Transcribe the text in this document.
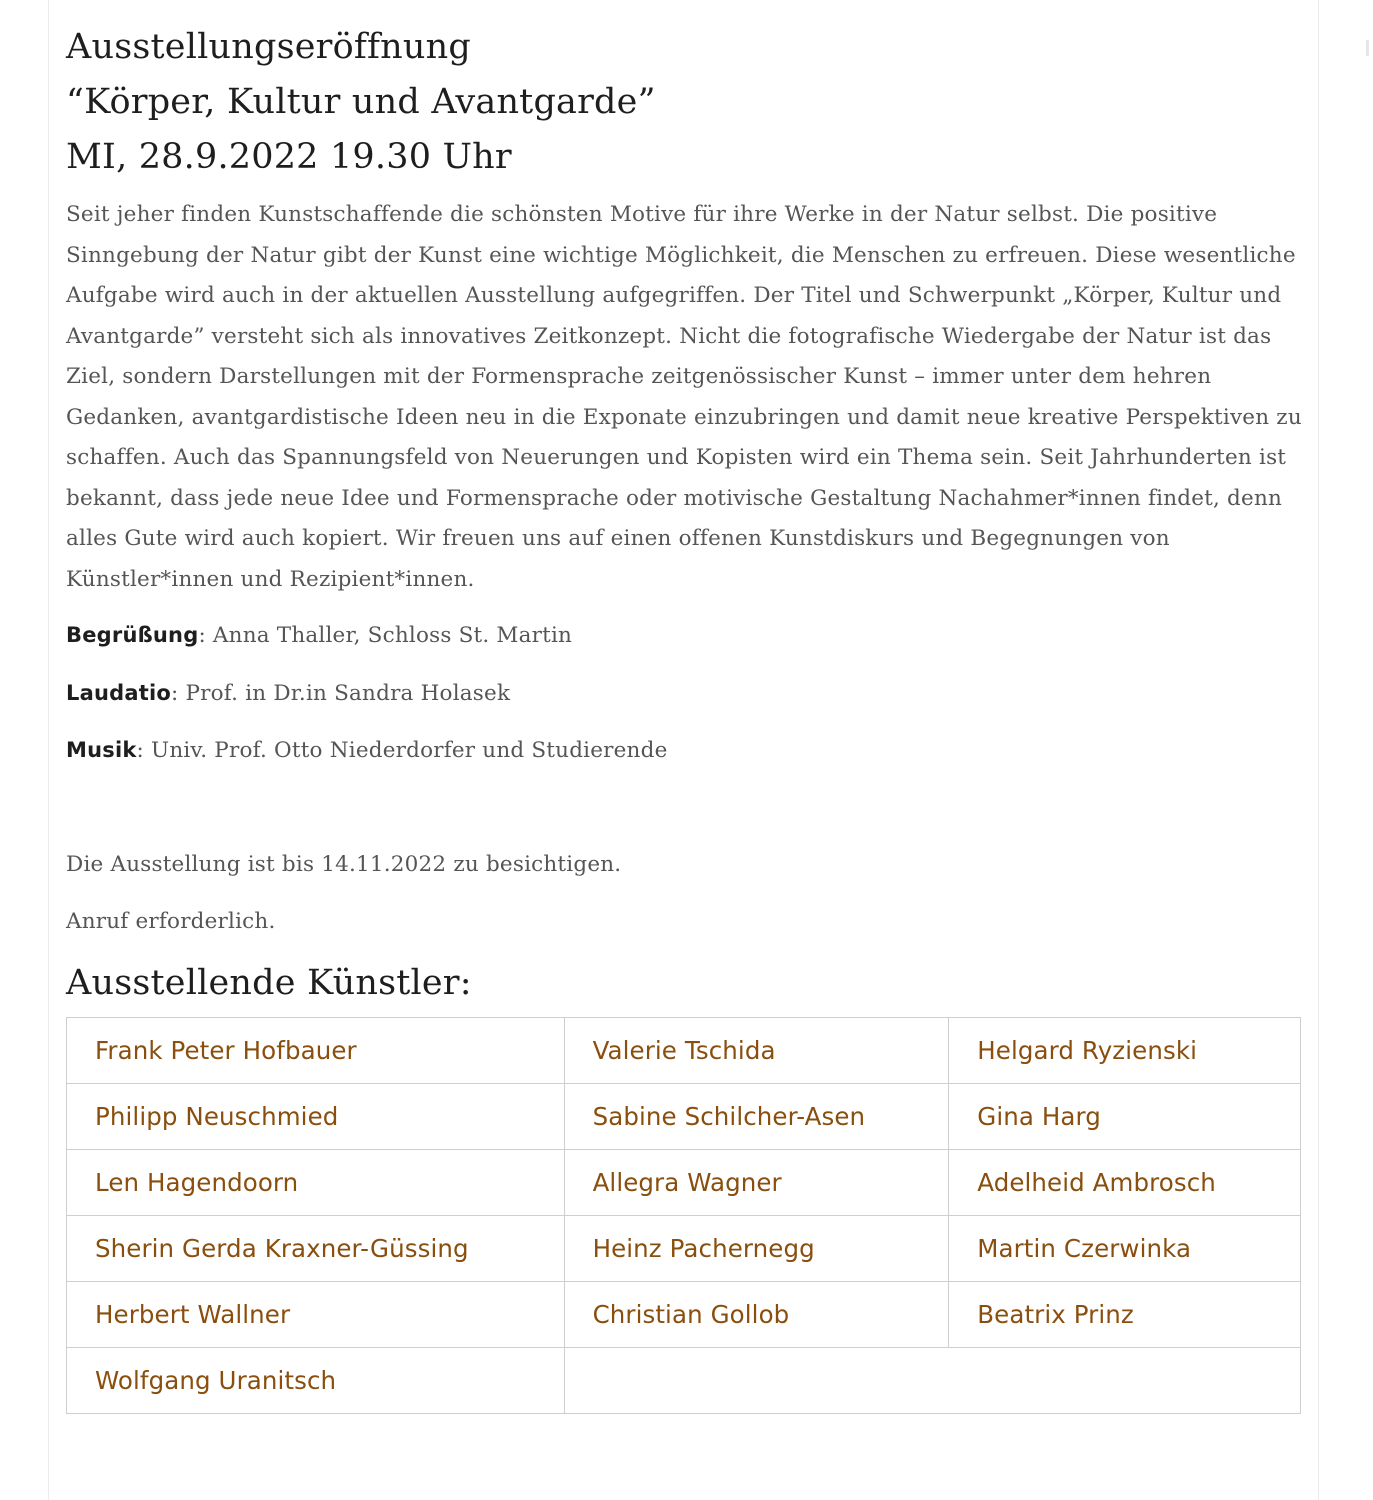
Ausstellungseröffnung
“Körper, Kultur und Avantgarde”
MI, 28.9.2022 19.30 Uhr

Seit jeher finden Kunstschaffende die schönsten Motive für ihre Werke in der Natur selbst. Die positive Sinngebung der Natur gibt der Kunst eine wichtige Möglichkeit, die Menschen zu erfreuen. Diese wesentliche Aufgabe wird auch in der aktuellen Ausstellung aufgegriffen. Der Titel und Schwerpunkt „Körper, Kultur und Avantgarde” versteht sich als innovatives Zeitkonzept. Nicht die fotografische Wiedergabe der Natur ist das Ziel, sondern Darstellungen mit der Formensprache zeitgenössischer Kunst – immer unter dem hehren Gedanken, avantgardistische Ideen neu in die Exponate einzubringen und damit neue kreative Perspektiven zu schaffen. Auch das Spannungsfeld von Neuerungen und Kopisten wird ein Thema sein. Seit Jahrhunderten ist bekannt, dass jede neue Idee und Formensprache oder motivische Gestaltung Nachahmer*innen findet, denn alles Gute wird auch kopiert. Wir freuen uns auf einen offenen Kunstdiskurs und Begegnungen von Künstler*innen und Rezipient*innen.

Begrüßung: Anna Thaller, Schloss St. Martin

Laudatio: Prof. in Dr.in Sandra Holasek

Musik: Univ. Prof. Otto Niederdorfer und Studierende

Die Ausstellung ist bis 14.11.2022 zu besichtigen.

Anruf erforderlich.

Ausstellende Künstler:
Frank Peter Hofbauer	Valerie Tschida	Helgard Ryzienski
Philipp Neuschmied	Sabine Schilcher-Asen	Gina Harg
Len Hagendoorn	Allegra Wagner	Adelheid Ambrosch
Sherin Gerda Kraxner-Güssing	Heinz Pachernegg	Martin Czerwinka
Herbert Wallner	Christian Gollob	Beatrix Prinz
Wolfgang Uranitsch		
